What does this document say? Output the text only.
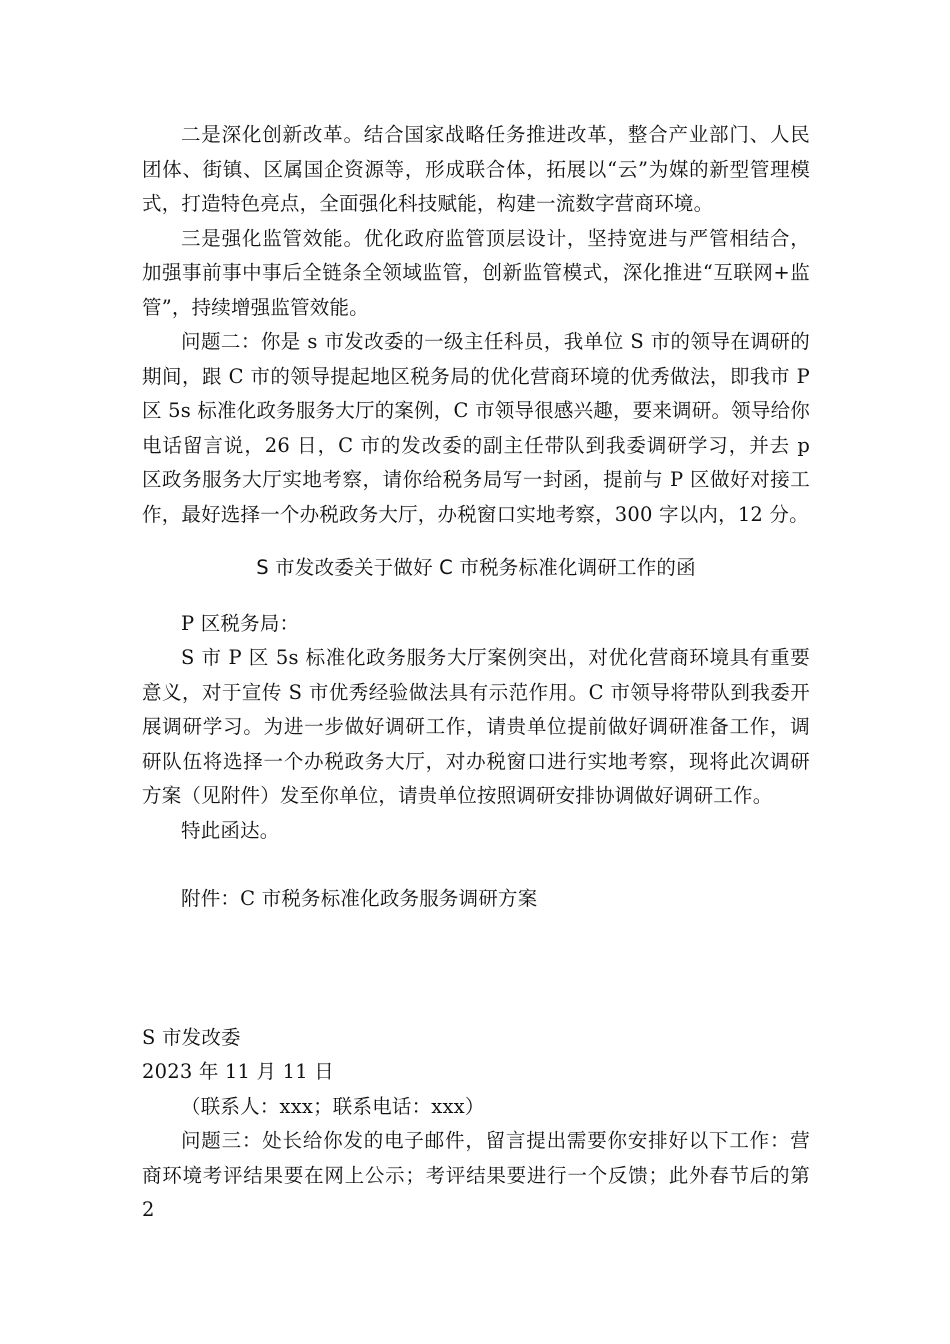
二是深化创新改革。结合国家战略任务推进改革，整合产业部门、人民团体、街镇、区属国企资源等，形成联合体，拓展以“云”为媒的新型管理模式，打造特色亮点，全面强化科技赋能，构建一流数字营商环境。

三是强化监管效能。优化政府监管顶层设计，坚持宽进与严管相结合，加强事前事中事后全链条全领域监管，创新监管模式，深化推进“互联网+监管”，持续增强监管效能。

问题二：你是 s 市发改委的一级主任科员，我单位 S 市的领导在调研的期间，跟 C 市的领导提起地区税务局的优化营商环境的优秀做法，即我市 P 区 5s 标准化政务服务大厅的案例，C 市领导很感兴趣，要来调研。领导给你电话留言说，26 日，C 市的发改委的副主任带队到我委调研学习，并去 p 区政务服务大厅实地考察，请你给税务局写一封函，提前与 P 区做好对接工作，最好选择一个办税政务大厅，办税窗口实地考察，300 字以内，12 分。

S 市发改委关于做好 C 市税务标准化调研工作的函

P 区税务局：

S 市 P 区 5s 标准化政务服务大厅案例突出，对优化营商环境具有重要意义，对于宣传 S 市优秀经验做法具有示范作用。C 市领导将带队到我委开展调研学习。为进一步做好调研工作，请贵单位提前做好调研准备工作，调研队伍将选择一个办税政务大厅，对办税窗口进行实地考察，现将此次调研方案（见附件）发至你单位，请贵单位按照调研安排协调做好调研工作。

特此函达。

附件：C 市税务标准化政务服务调研方案

S 市发改委

2023 年 11 月 11 日

（联系人：xxx；联系电话：xxx）

问题三：处长给你发的电子邮件，留言提出需要你安排好以下工作：营商环境考评结果要在网上公示；考评结果要进行一个反馈；此外春节后的第 2
